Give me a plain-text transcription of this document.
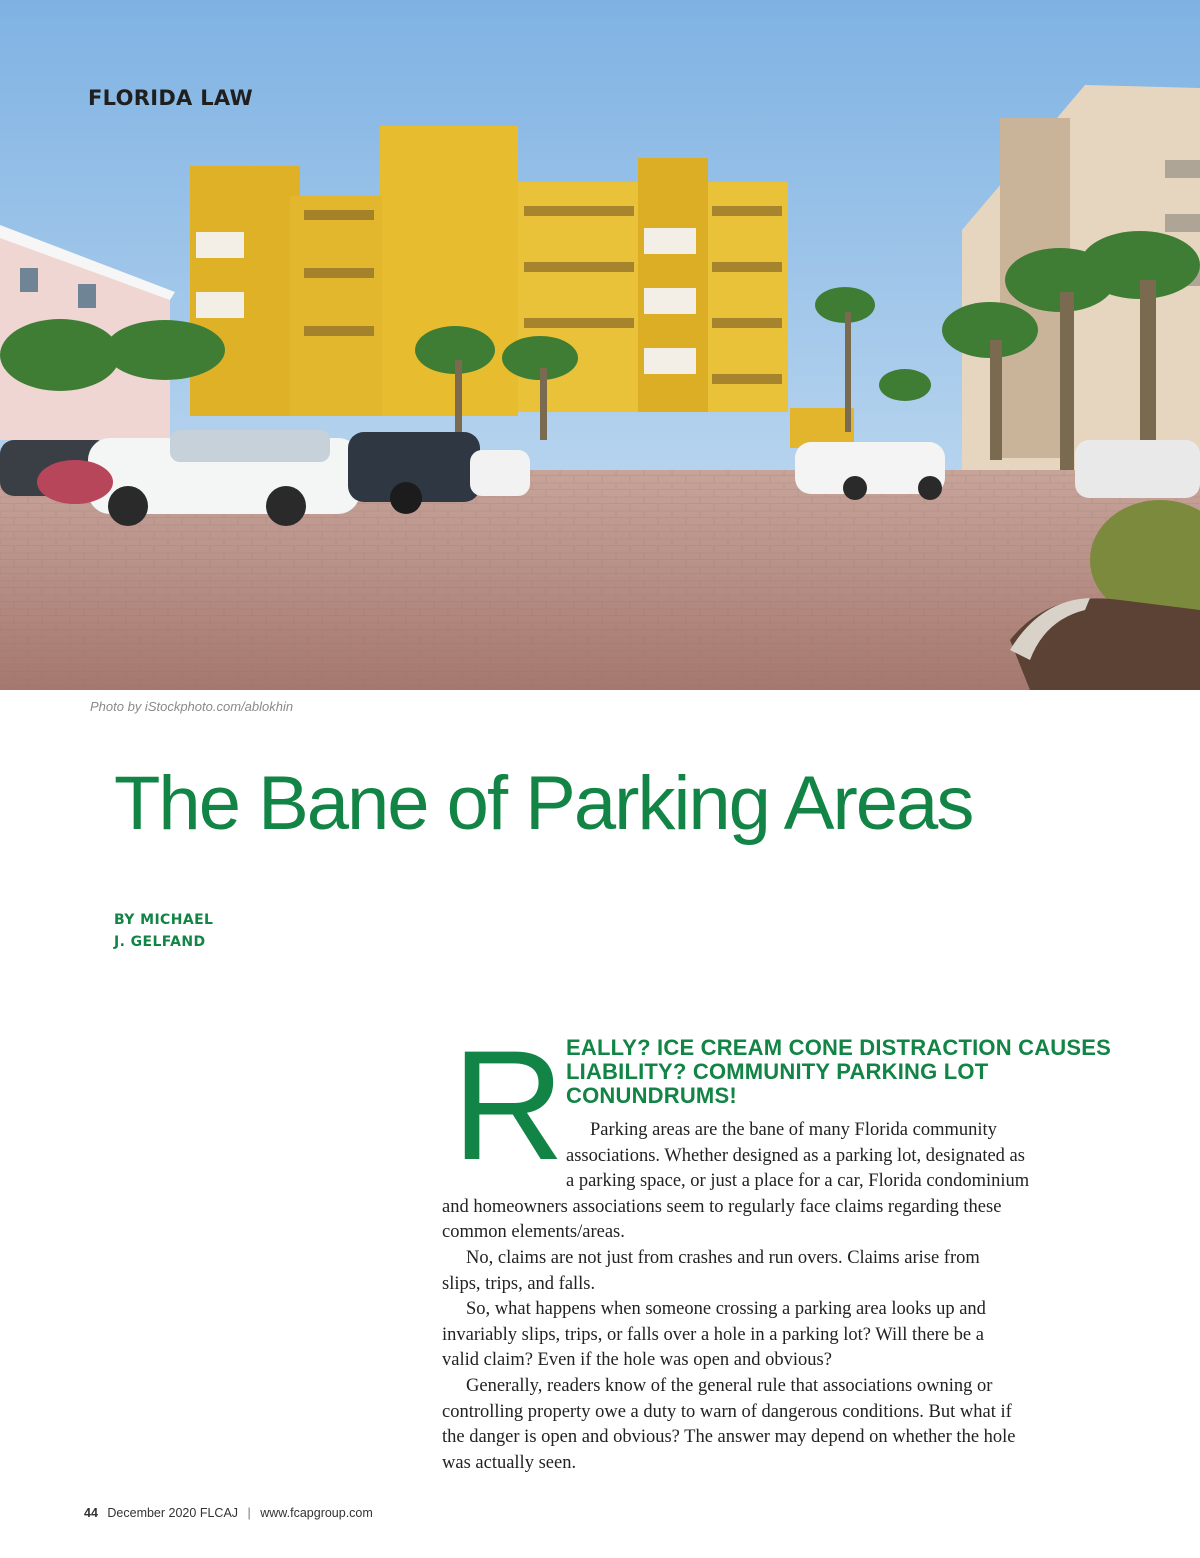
FLORIDA LAW
Photo by iStockphoto.com/ablokhin
The Bane of Parking Areas
BY MICHAEL
J. GELFAND
R EALLY? ICE CREAM CONE DISTRACTION CAUSES
LIABILITY? COMMUNITY PARKING LOT
CONUNDRUMS!
Parking areas are the bane of many Florida community
associations. Whether designed as a parking lot, designated as
a parking space, or just a place for a car, Florida condominium
and homeowners associations seem to regularly face claims regarding these
common elements/areas.
No, claims are not just from crashes and run overs. Claims arise from
slips, trips, and falls.
So, what happens when someone crossing a parking area looks up and
invariably slips, trips, or falls over a hole in a parking lot? Will there be a
valid claim? Even if the hole was open and obvious?
Generally, readers know of the general rule that associations owning or
controlling property owe a duty to warn of dangerous conditions. But what if
the danger is open and obvious? The answer may depend on whether the hole
was actually seen.
44 December 2020 FLCAJ | www.fcapgroup.com
